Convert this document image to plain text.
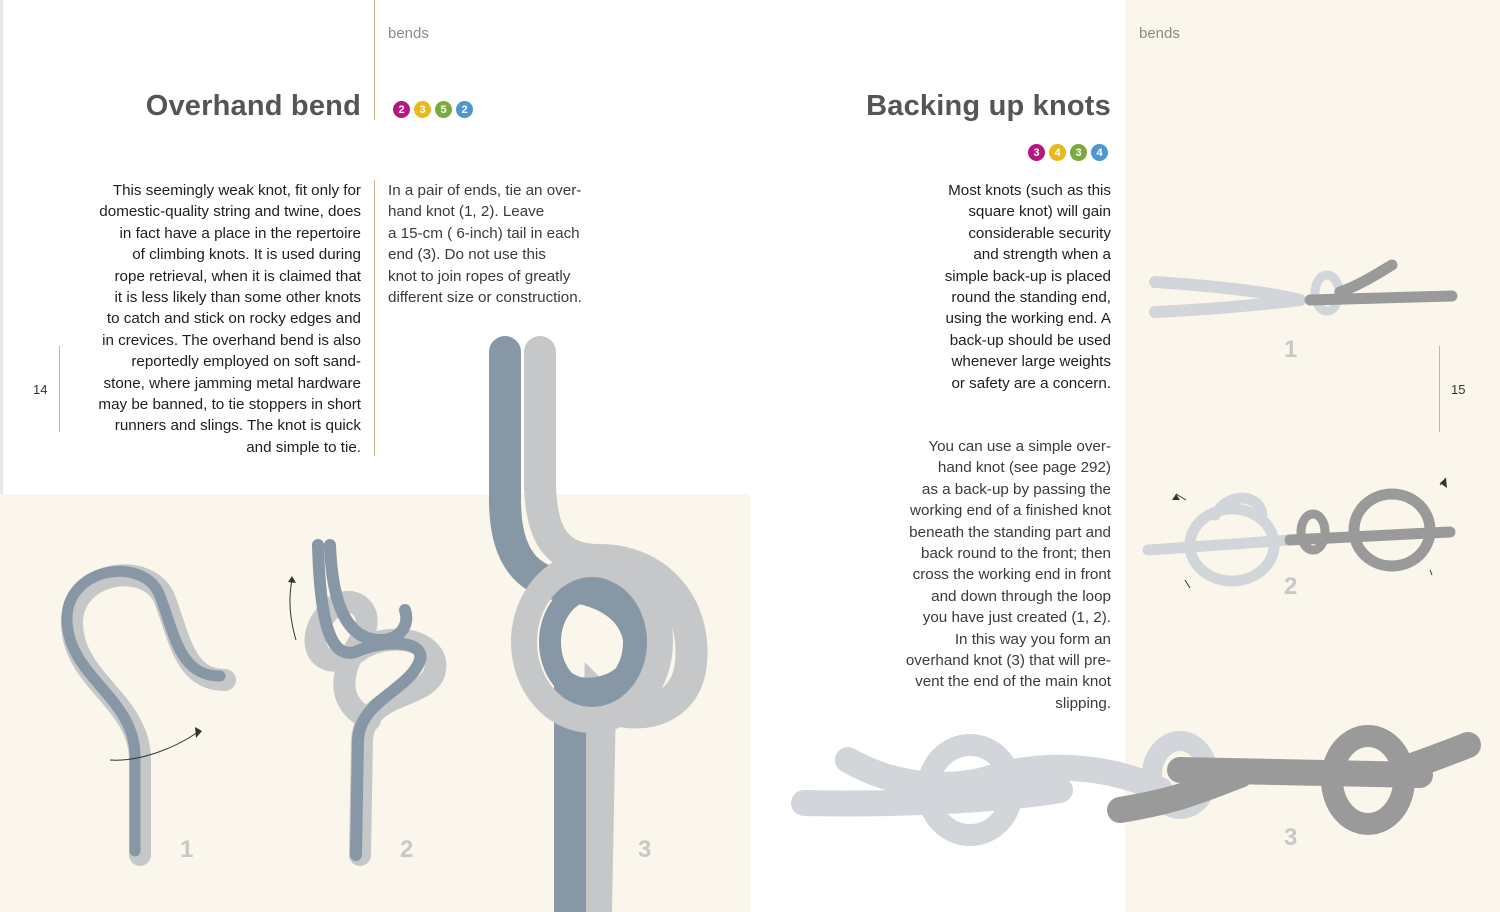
bends
Overhand bend	2 3 5 2
This seemingly weak knot, fit only for
domestic-quality string and twine, does
in fact have a place in the repertoire
of climbing knots. It is used during
rope retrieval, when it is claimed that
it is less likely than some other knots
to catch and stick on rocky edges and
in crevices. The overhand bend is also
reportedly employed on soft sand-
stone, where jamming metal hardware
may be banned, to tie stoppers in short
runners and slings. The knot is quick
and simple to tie.
In a pair of ends, tie an over-
hand knot (1, 2). Leave
a 15-cm ( 6-inch) tail in each
end (3). Do not use this
knot to join ropes of greatly
different size or construction.
14
1	2	3
bends
Backing up knots
3 4 3 4
Most knots (such as this
square knot) will gain
considerable security
and strength when a
simple back-up is placed
round the standing end,
using the working end. A
back-up should be used
whenever large weights
or safety are a concern.
You can use a simple over-
hand knot (see page 292)
as a back-up by passing the
working end of a finished knot
beneath the standing part and
back round to the front; then
cross the working end in front
and down through the loop
you have just created (1, 2).
In this way you form an
overhand knot (3) that will pre-
vent the end of the main knot
slipping.
15
1
2
3
